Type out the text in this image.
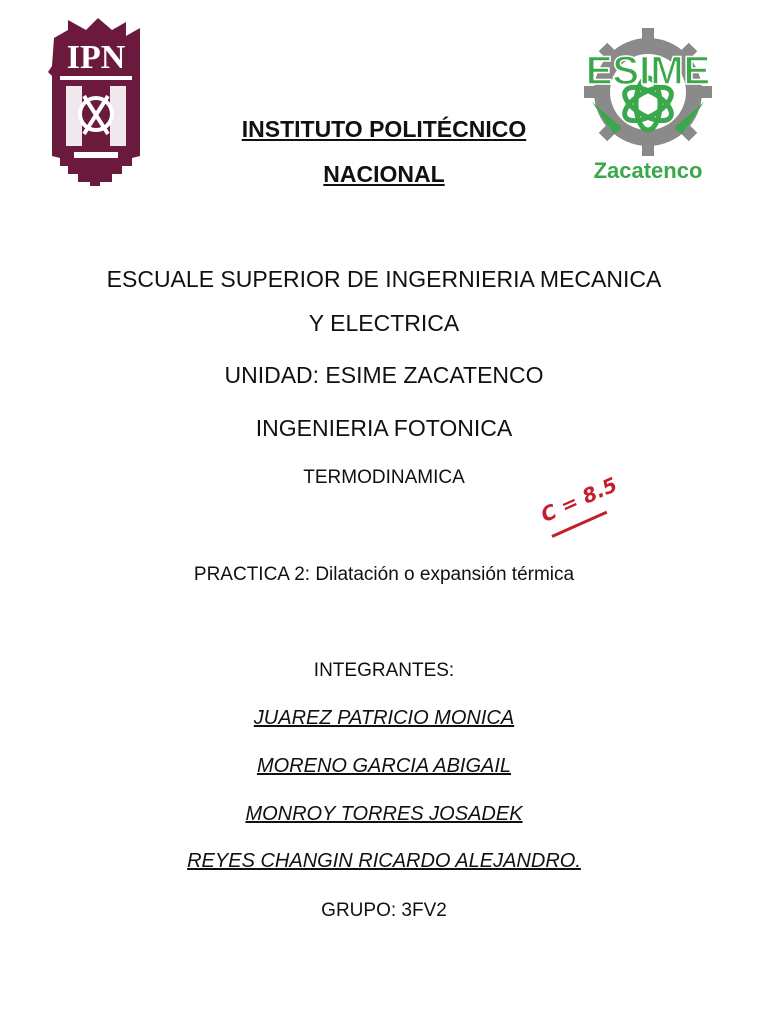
IPN	ESIME
Zacatenco
INSTITUTO POLITÉCNICO
NACIONAL
ESCUALE SUPERIOR DE INGERNIERIA MECANICA
Y ELECTRICA
UNIDAD: ESIME ZACATENCO
INGENIERIA FOTONICA
TERMODINAMICA	C = 8.5
PRACTICA 2: Dilatación o expansión térmica
INTEGRANTES:
JUAREZ PATRICIO MONICA
MORENO GARCIA ABIGAIL
MONROY TORRES JOSADEK
REYES CHANGIN RICARDO ALEJANDRO.
GRUPO: 3FV2
